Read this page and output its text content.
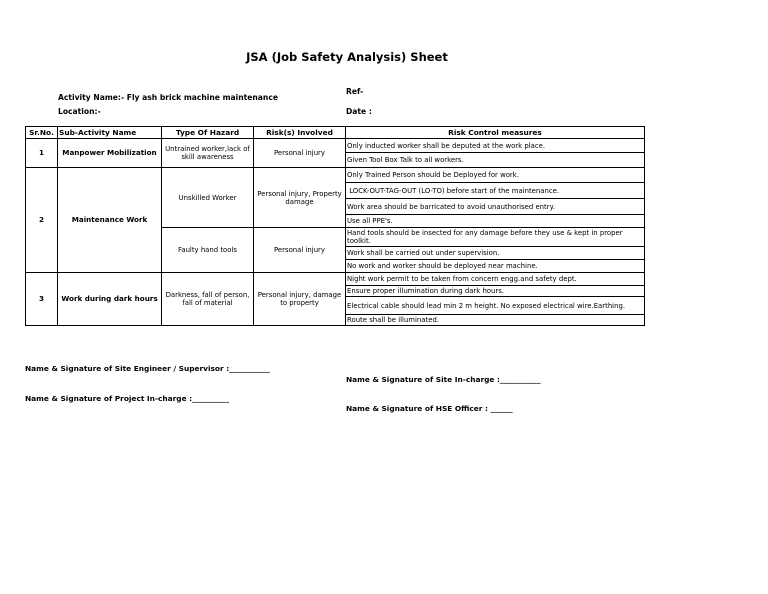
JSA (Job Safety Analysis) Sheet
Activity Name:- Fly ash brick machine maintenance
Location:-
Ref-
Date :
Sr.No.	Sub-Activity Name	Type Of Hazard	Risk(s) Involved	Risk Control measures
1	Manpower Mobilization	Untrained worker,lack of skill awareness	Personal injury	Only inducted worker shall be deputed at the work place.
				Given Tool Box Talk to all workers.
2	Maintenance Work	Unskilled Worker	Personal injury, Property damage	Only Trained Person should be Deployed for work.
				LOCK-OUT-TAG-OUT (LO-TO) before start of the maintenance.
				Work area should be barricated to avoid unauthorised entry.
				Use all PPE's.
		Faulty hand tools	Personal injury	Hand tools should be insected for any damage before they use & kept in proper toolkit.
				Work shall be carried out under supervision.
				No work and worker should be deployed near machine.
3	Work during dark hours	Darkness, fall of person, fall of material	Personal injury, damage to property	Night work permit to be taken from concern engg.and safety dept.
				Ensure proper illumination during dark hours.
				Electrical cable should lead min 2 m height. No exposed electrical wire.Earthing.
				Route shall be illuminated.
Name & Signature of Site Engineer / Supervisor :___________
Name & Signature of Project In-charge :__________
Name & Signature of Site In-charge :___________
Name & Signature of HSE Officer : ______
